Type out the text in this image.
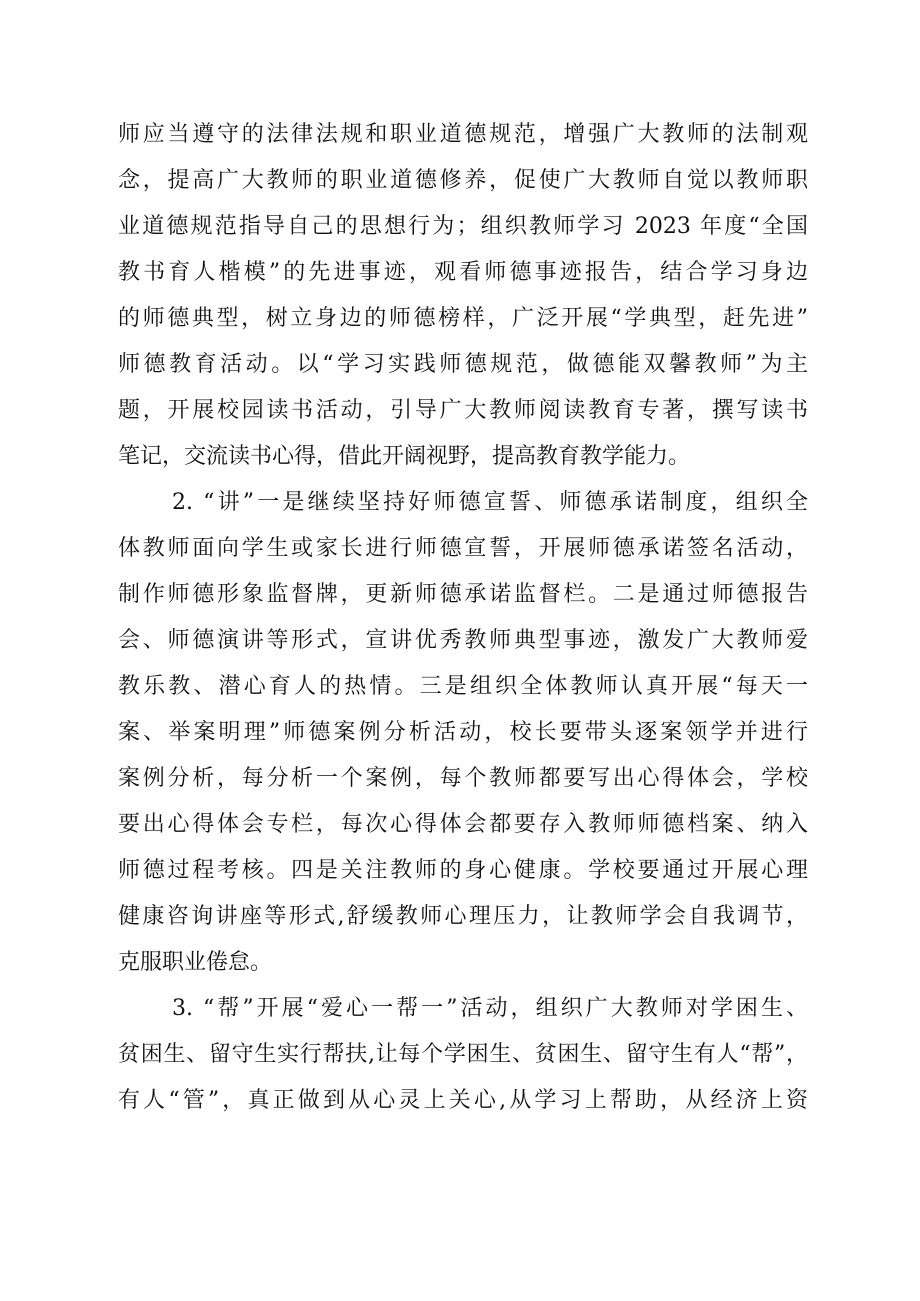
师应当遵守的法律法规和职业道德规范，增强广大教师的法制观
念，提高广大教师的职业道德修养，促使广大教师自觉以教师职
业道德规范指导自己的思想行为；组织教师学习 2023 年度“全国
教书育人楷模”的先进事迹，观看师德事迹报告，结合学习身边
的师德典型，树立身边的师德榜样，广泛开展“学典型，赶先进”
师德教育活动。以“学习实践师德规范，做德能双馨教师”为主
题，开展校园读书活动，引导广大教师阅读教育专著，撰写读书
笔记，交流读书心得，借此开阔视野，提高教育教学能力。
2. “讲”一是继续坚持好师德宣誓、师德承诺制度，组织全
体教师面向学生或家长进行师德宣誓，开展师德承诺签名活动，
制作师德形象监督牌，更新师德承诺监督栏。二是通过师德报告
会、师德演讲等形式，宣讲优秀教师典型事迹，激发广大教师爱
教乐教、潜心育人的热情。三是组织全体教师认真开展“每天一
案、举案明理”师德案例分析活动，校长要带头逐案领学并进行
案例分析，每分析一个案例，每个教师都要写出心得体会，学校
要出心得体会专栏，每次心得体会都要存入教师师德档案、纳入
师德过程考核。四是关注教师的身心健康。学校要通过开展心理
健康咨询讲座等形式,舒缓教师心理压力，让教师学会自我调节，
克服职业倦怠。
3. “帮”开展“爱心一帮一”活动，组织广大教师对学困生、
贫困生、留守生实行帮扶,让每个学困生、贫困生、留守生有人“帮”，
有人“管”，真正做到从心灵上关心,从学习上帮助，从经济上资
